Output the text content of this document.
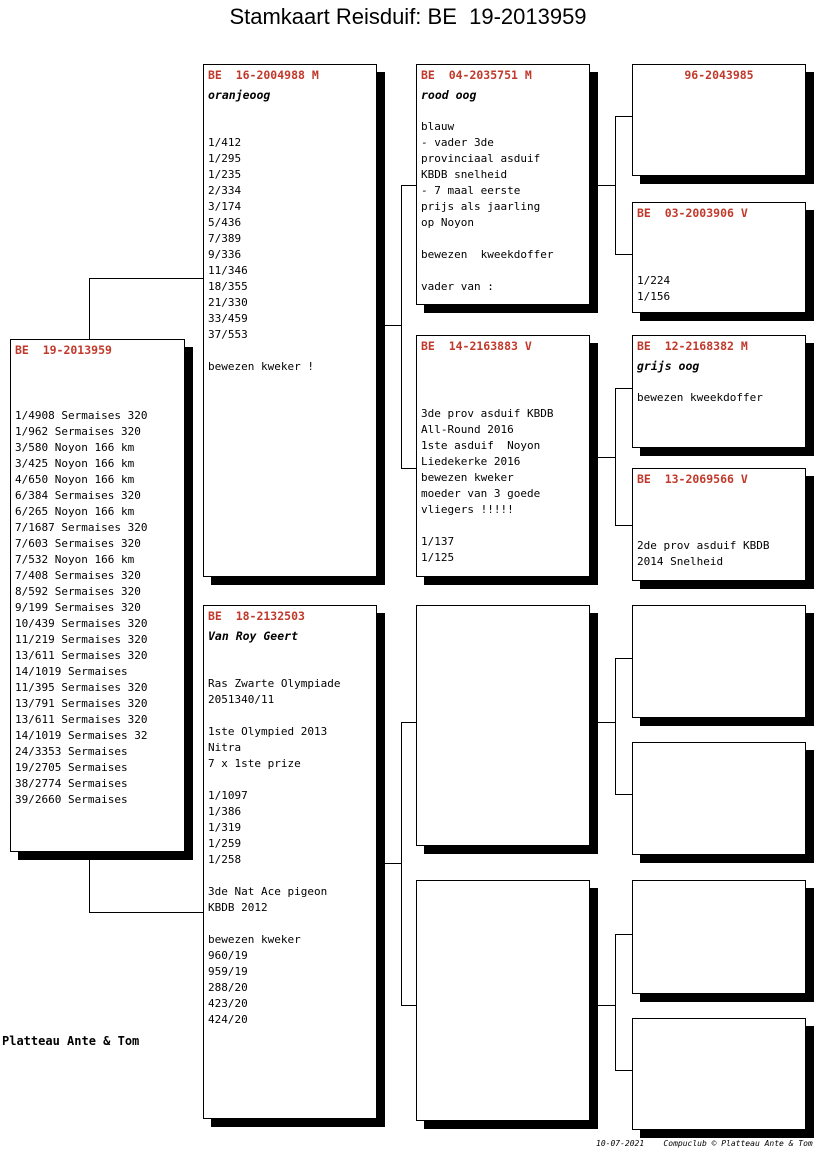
Stamkaart Reisduif: BE  19-2013959
BE  19-2013959
1/4908 Sermaises 320
1/962 Sermaises 320
3/580 Noyon 166 km
3/425 Noyon 166 km
4/650 Noyon 166 km
6/384 Sermaises 320
6/265 Noyon 166 km
7/1687 Sermaises 320
7/603 Sermaises 320
7/532 Noyon 166 km
7/408 Sermaises 320
8/592 Sermaises 320
9/199 Sermaises 320
10/439 Sermaises 320
11/219 Sermaises 320
13/611 Sermaises 320
14/1019 Sermaises
11/395 Sermaises 320
13/791 Sermaises 320
13/611 Sermaises 320
14/1019 Sermaises 32
24/3353 Sermaises
19/2705 Sermaises
38/2774 Sermaises
39/2660 Sermaises
BE  16-2004988 M
oranjeoog

1/412
1/295
1/235
2/334
3/174
5/436
7/389
9/336
11/346
18/355
21/330
33/459
37/553

bewezen kweker !
BE  18-2132503
Van Roy Geert

Ras Zwarte Olympiade
2051340/11

1ste Olympied 2013
Nitra
7 x 1ste prize

1/1097
1/386
1/319
1/259
1/258

3de Nat Ace pigeon
KBDB 2012

bewezen kweker
960/19
959/19
288/20
423/20
424/20
BE  04-2035751 M
rood oog

blauw
- vader 3de
provinciaal asduif
KBDB snelheid
- 7 maal eerste
prijs als jaarling
op Noyon

bewezen  kweekdoffer

vader van :
BE  14-2163883 V

3de prov asduif KBDB
All-Round 2016
1ste asduif  Noyon
Liedekerke 2016
bewezen kweker
moeder van 3 goede
vliegers !!!!!

1/137
1/125
96-2043985
BE  03-2003906 V
1/224
1/156
BE  12-2168382 M
grijs oog

bewezen kweekdoffer
BE  13-2069566 V
2de prov asduif KBDB
2014 Snelheid
Platteau Ante & Tom
10-07-2021    Compuclub © Platteau Ante & Tom
